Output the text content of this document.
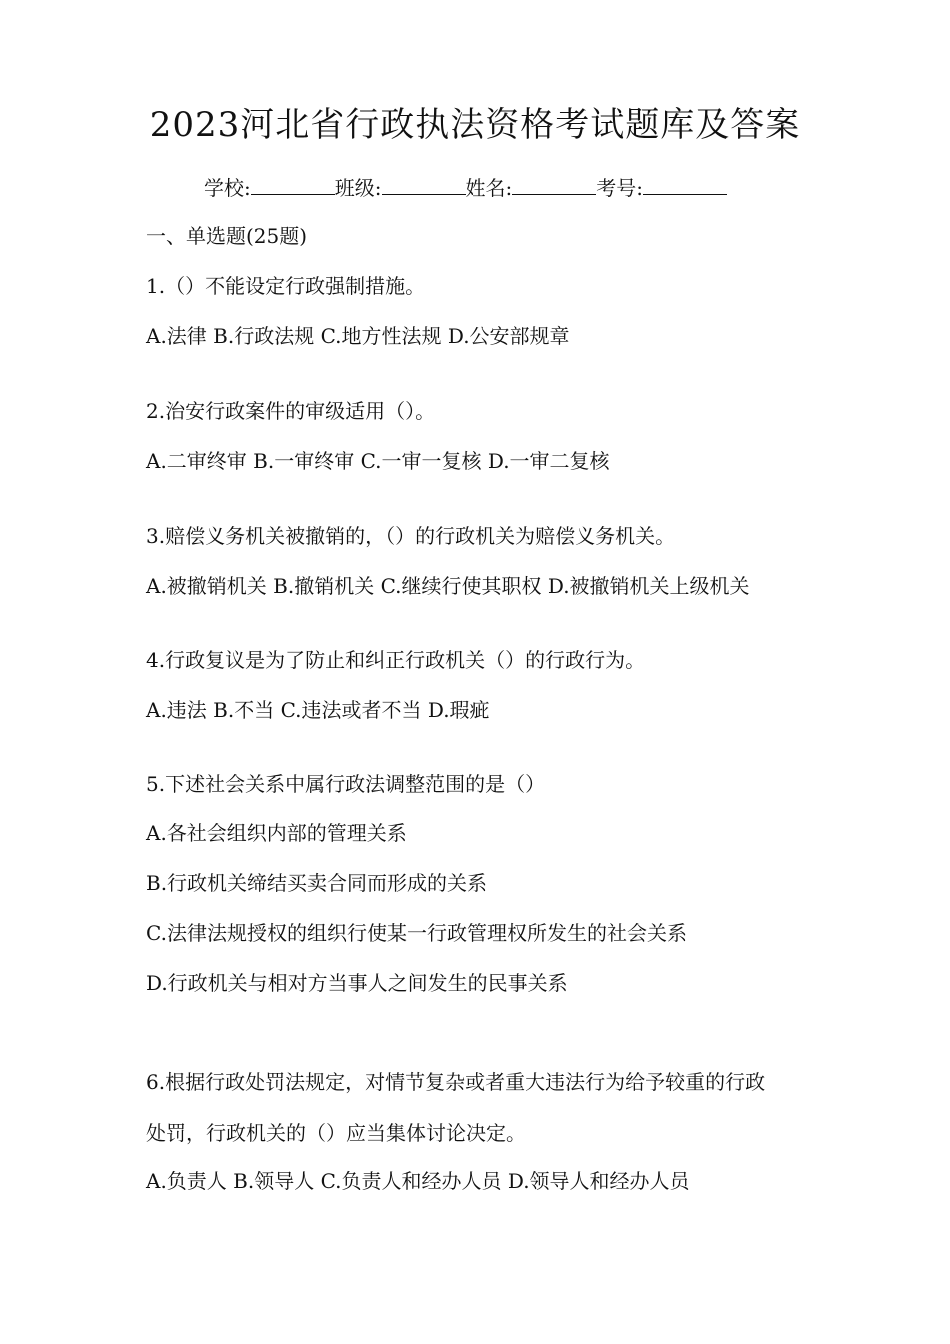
2023河北省行政执法资格考试题库及答案
学校:	班级:	姓名:	考号:
一、单选题(25题)
1.（）不能设定行政强制措施。
A.法律 B.行政法规 C.地方性法规 D.公安部规章
2.治安行政案件的审级适用（）。
A.二审终审 B.一审终审 C.一审一复核 D.一审二复核
3.赔偿义务机关被撤销的，（）的行政机关为赔偿义务机关。
A.被撤销机关 B.撤销机关 C.继续行使其职权 D.被撤销机关上级机关
4.行政复议是为了防止和纠正行政机关（）的行政行为。
A.违法 B.不当 C.违法或者不当 D.瑕疵
5.下述社会关系中属行政法调整范围的是（）
A.各社会组织内部的管理关系
B.行政机关缔结买卖合同而形成的关系
C.法律法规授权的组织行使某一行政管理权所发生的社会关系
D.行政机关与相对方当事人之间发生的民事关系
6.根据行政处罚法规定，对情节复杂或者重大违法行为给予较重的行政
处罚，行政机关的（）应当集体讨论决定。
A.负责人 B.领导人 C.负责人和经办人员 D.领导人和经办人员
